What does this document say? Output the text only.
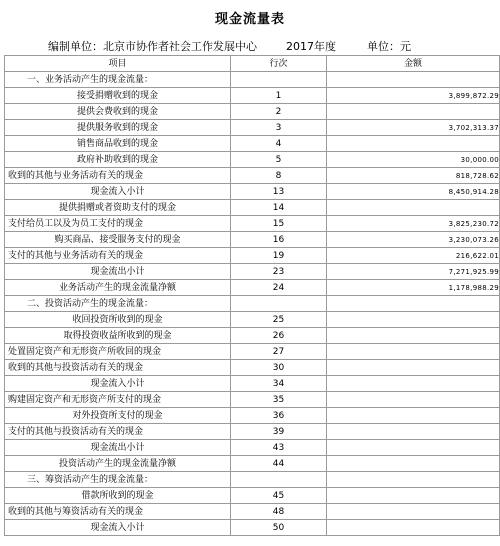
现金流量表
编制单位：北京市协作者社会工作发展中心	2017年度	单位：元
项目	行次	金额
一、业务活动产生的现金流量：		
接受捐赠收到的现金	1	3,899,872.29
提供会费收到的现金	2	
提供服务收到的现金	3	3,702,313.37
销售商品收到的现金	4	
政府补助收到的现金	5	30,000.00
收到的其他与业务活动有关的现金	8	818,728.62
现金流入小计	13	8,450,914.28
提供捐赠或者资助支付的现金	14	
支付给员工以及为员工支付的现金	15	3,825,230.72
购买商品、接受服务支付的现金	16	3,230,073.26
支付的其他与业务活动有关的现金	19	216,622.01
现金流出小计	23	7,271,925.99
业务活动产生的现金流量净额	24	1,178,988.29
二、投资活动产生的现金流量：		
收回投资所收到的现金	25	
取得投资收益所收到的现金	26	
处置固定资产和无形资产所收回的现金	27	
收到的其他与投资活动有关的现金	30	
现金流入小计	34	
购建固定资产和无形资产所支付的现金	35	
对外投资所支付的现金	36	
支付的其他与投资活动有关的现金	39	
现金流出小计	43	
投资活动产生的现金流量净额	44	
三、筹资活动产生的现金流量：		
借款所收到的现金	45	
收到的其他与筹资活动有关的现金	48	
现金流入小计	50	
